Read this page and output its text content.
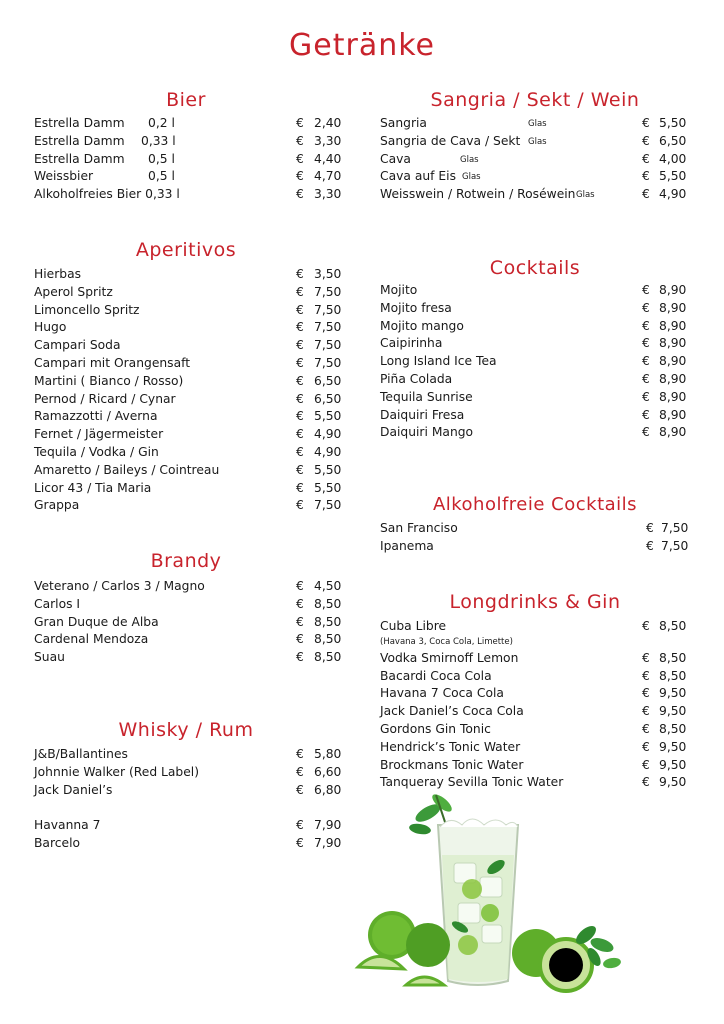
Getränke
Bier
Estrella Damm 0,2 l	€ 2,40
Estrella Damm 0,33 l	€ 3,30
Estrella Damm 0,5 l	€ 4,40
Weissbier	0,5 l	€ 4,70
Alkoholfreies Bier 0,33 l	€ 3,30
Aperitivos
Hierbas	€ 3,50
Aperol Spritz	€ 7,50
Limoncello Spritz	€ 7,50
Hugo	€ 7,50
Campari Soda	€ 7,50
Campari mit Orangensaft	€ 7,50
Martini ( Bianco / Rosso)	€ 6,50
Pernod / Ricard / Cynar	€ 6,50
Ramazzotti / Averna	€ 5,50
Fernet / Jägermeister	€ 4,90
Tequila / Vodka / Gin	€ 4,90
Amaretto / Baileys / Cointreau	€ 5,50
Licor 43 / Tia Maria	€ 5,50
Grappa	€ 7,50
Brandy
Veterano / Carlos 3 / Magno	€ 4,50
Carlos I	€ 8,50
Gran Duque de Alba	€ 8,50
Cardenal Mendoza	€ 8,50
Suau	€ 8,50
Whisky / Rum
J&B/Ballantines	€ 5,80
Johnnie Walker (Red Label)	€ 6,60
Jack Daniel’s	€ 6,80
Havanna 7	€ 7,90
Barcelo	€ 7,90
Sangria / Sekt / Wein
Sangria	Glas	€ 5,50
Sangria de Cava / Sekt Glas	€ 6,50
Cava	Glas	€ 4,00
Cava auf Eis Glas	€ 5,50
Weisswein / Rotwein / Roséwein Glas	€ 4,90
Cocktails
Mojito	€ 8,90
Mojito fresa	€ 8,90
Mojito mango	€ 8,90
Caipirinha	€ 8,90
Long Island Ice Tea	€ 8,90
Piña Colada	€ 8,90
Tequila Sunrise	€ 8,90
Daiquiri Fresa	€ 8,90
Daiquiri Mango	€ 8,90
Alkoholfreie Cocktails
San Franciso	€ 7,50
Ipanema	€ 7,50
Longdrinks & Gin
Cuba Libre	€ 8,50
(Havana 3, Coca Cola, Limette)
Vodka Smirnoff Lemon	€ 8,50
Bacardi Coca Cola	€ 8,50
Havana 7 Coca Cola	€ 9,50
Jack Daniel’s Coca Cola	€ 9,50
Gordons Gin Tonic	€ 8,50
Hendrick’s Tonic Water	€ 9,50
Brockmans Tonic Water	€ 9,50
Tanqueray Sevilla Tonic Water	€ 9,50
